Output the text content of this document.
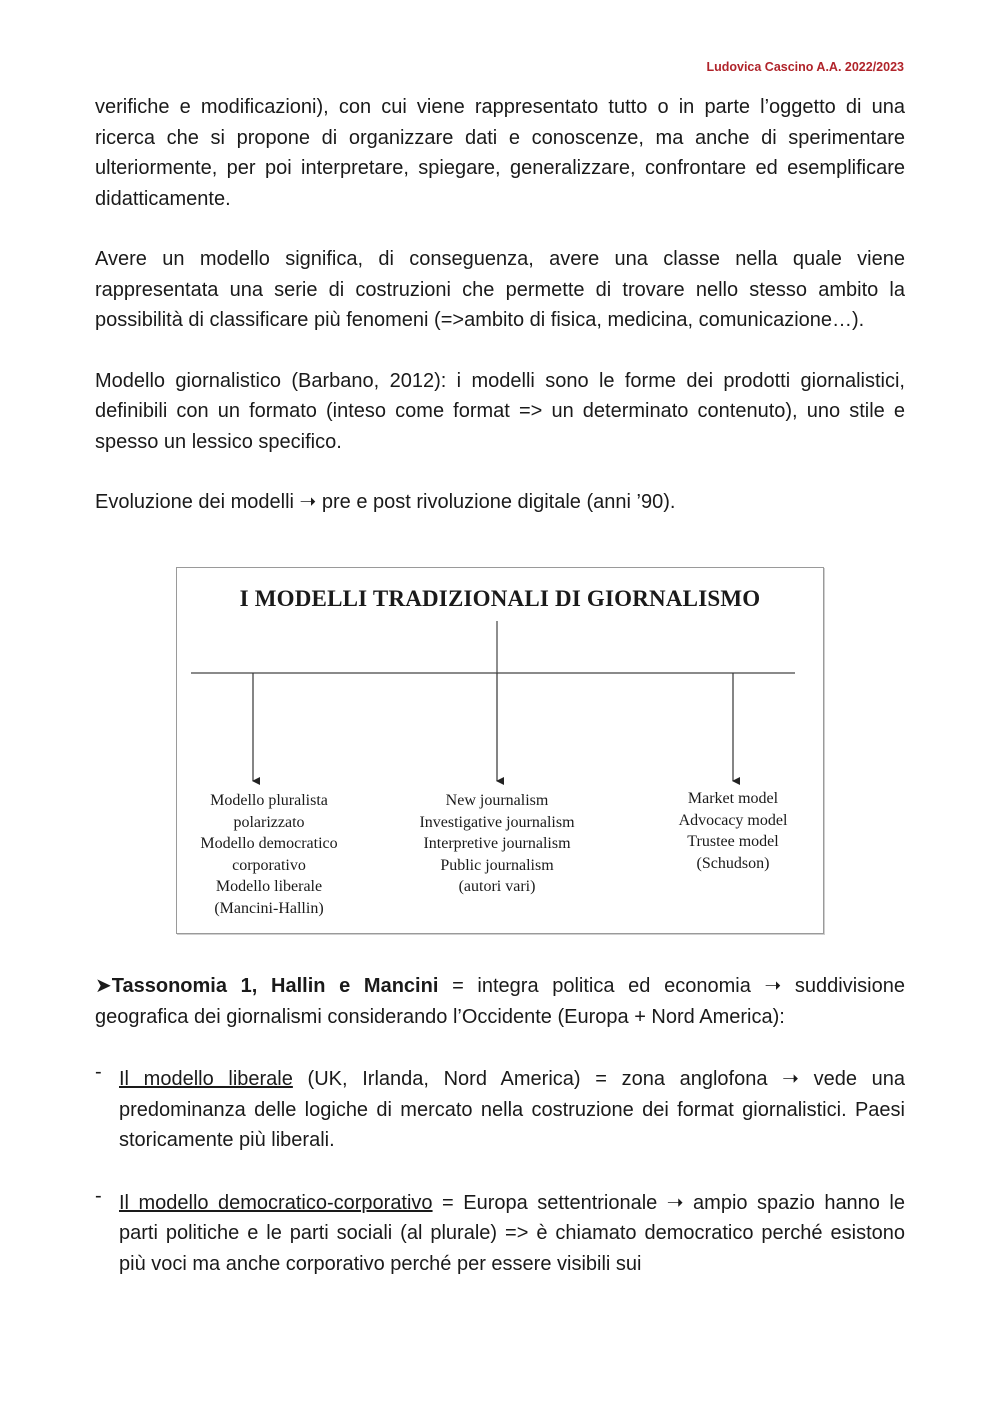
Ludovica Cascino A.A. 2022/2023

verifiche e modificazioni), con cui viene rappresentato tutto o in parte l’oggetto di una ricerca che si propone di organizzare dati e conoscenze, ma anche di sperimentare ulteriormente, per poi interpretare, spiegare, generalizzare, confrontare ed esemplificare didatticamente.

Avere un modello significa, di conseguenza, avere una classe nella quale viene rappresentata una serie di costruzioni che permette di trovare nello stesso ambito la possibilità di classificare più fenomeni (=>ambito di fisica, medicina, comunicazione…).

Modello giornalistico (Barbano, 2012): i modelli sono le forme dei prodotti giornalistici, definibili con un formato (inteso come format => un determinato contenuto), uno stile e spesso un lessico specifico.

Evoluzione dei modelli ➝ pre e post rivoluzione digitale (anni ’90).

I MODELLI TRADIZIONALI DI GIORNALISMO
Modello pluralista
polarizzato
Modello democratico
corporativo
Modello liberale
(Mancini-Hallin)
New journalism
Investigative journalism
Interpretive journalism
Public journalism
(autori vari)
Market model
Advocacy model
Trustee model
(Schudson)

➤Tassonomia 1, Hallin e Mancini = integra politica ed economia ➝ suddivisione geografica dei giornalismi considerando l’Occidente (Europa + Nord America):

- Il modello liberale (UK, Irlanda, Nord America) = zona anglofona ➝ vede una predominanza delle logiche di mercato nella costruzione dei format giornalistici. Paesi storicamente più liberali.

- Il modello democratico-corporativo = Europa settentrionale ➝ ampio spazio hanno le parti politiche e le parti sociali (al plurale) => è chiamato democratico perché esistono più voci ma anche corporativo perché per essere visibili sui
